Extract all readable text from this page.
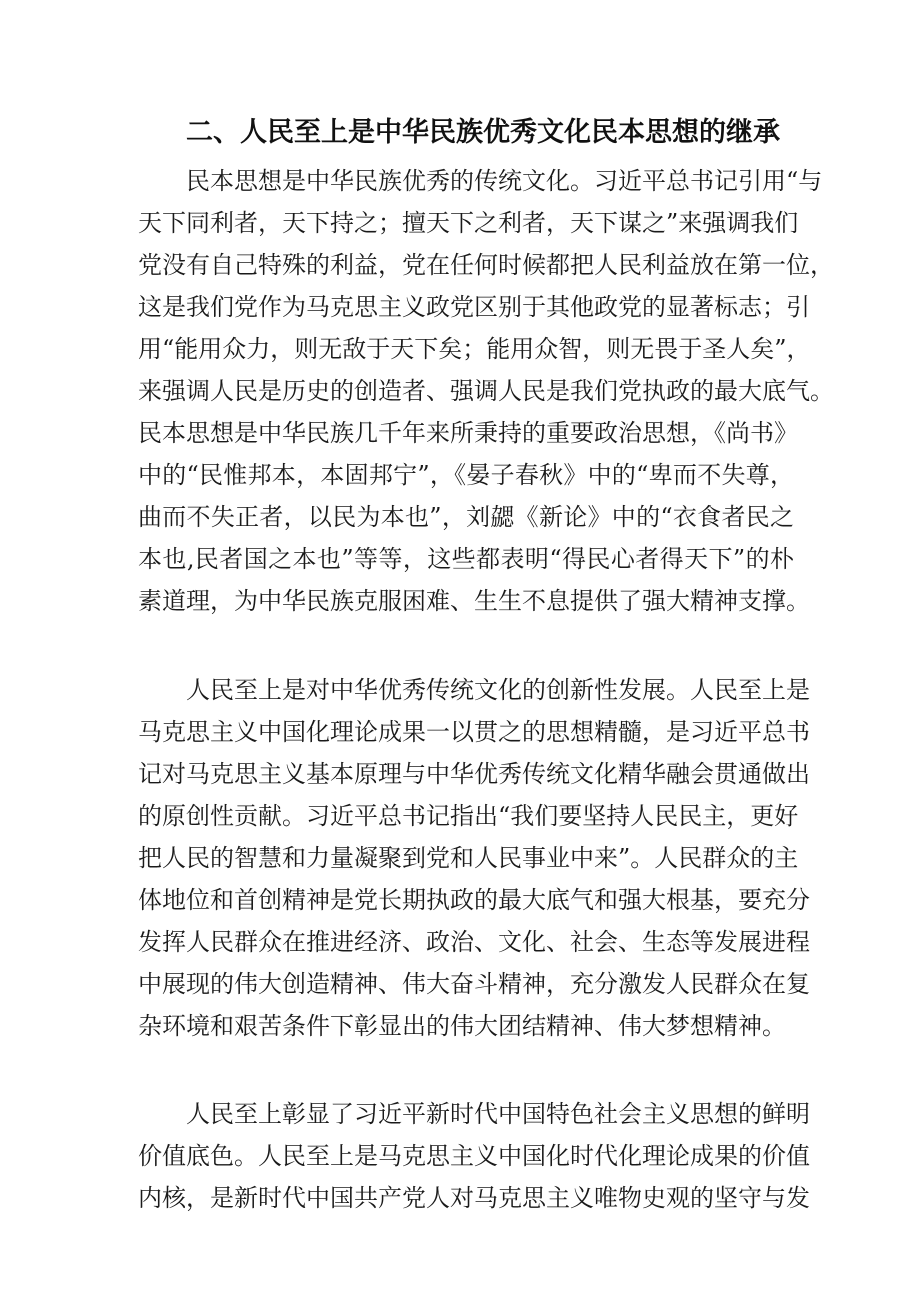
二、人民至上是中华民族优秀文化民本思想的继承
民本思想是中华民族优秀的传统文化。习近平总书记引用“与
天下同利者，天下持之；擅天下之利者，天下谋之”来强调我们
党没有自己特殊的利益，党在任何时候都把人民利益放在第一位，
这是我们党作为马克思主义政党区别于其他政党的显著标志；引
用“能用众力，则无敌于天下矣；能用众智，则无畏于圣人矣”，
来强调人民是历史的创造者、强调人民是我们党执政的最大底气。
民本思想是中华民族几千年来所秉持的重要政治思想，《尚书》
中的“民惟邦本，本固邦宁”，《晏子春秋》中的“卑而不失尊，
曲而不失正者，以民为本也”，刘勰《新论》中的“衣食者民之
本也,民者国之本也”等等，这些都表明“得民心者得天下”的朴
素道理，为中华民族克服困难、生生不息提供了强大精神支撑。
人民至上是对中华优秀传统文化的创新性发展。人民至上是
马克思主义中国化理论成果一以贯之的思想精髓，是习近平总书
记对马克思主义基本原理与中华优秀传统文化精华融会贯通做出
的原创性贡献。习近平总书记指出“我们要坚持人民民主，更好
把人民的智慧和力量凝聚到党和人民事业中来”。人民群众的主
体地位和首创精神是党长期执政的最大底气和强大根基，要充分
发挥人民群众在推进经济、政治、文化、社会、生态等发展进程
中展现的伟大创造精神、伟大奋斗精神，充分激发人民群众在复
杂环境和艰苦条件下彰显出的伟大团结精神、伟大梦想精神。
人民至上彰显了习近平新时代中国特色社会主义思想的鲜明
价值底色。人民至上是马克思主义中国化时代化理论成果的价值
内核，是新时代中国共产党人对马克思主义唯物史观的坚守与发
